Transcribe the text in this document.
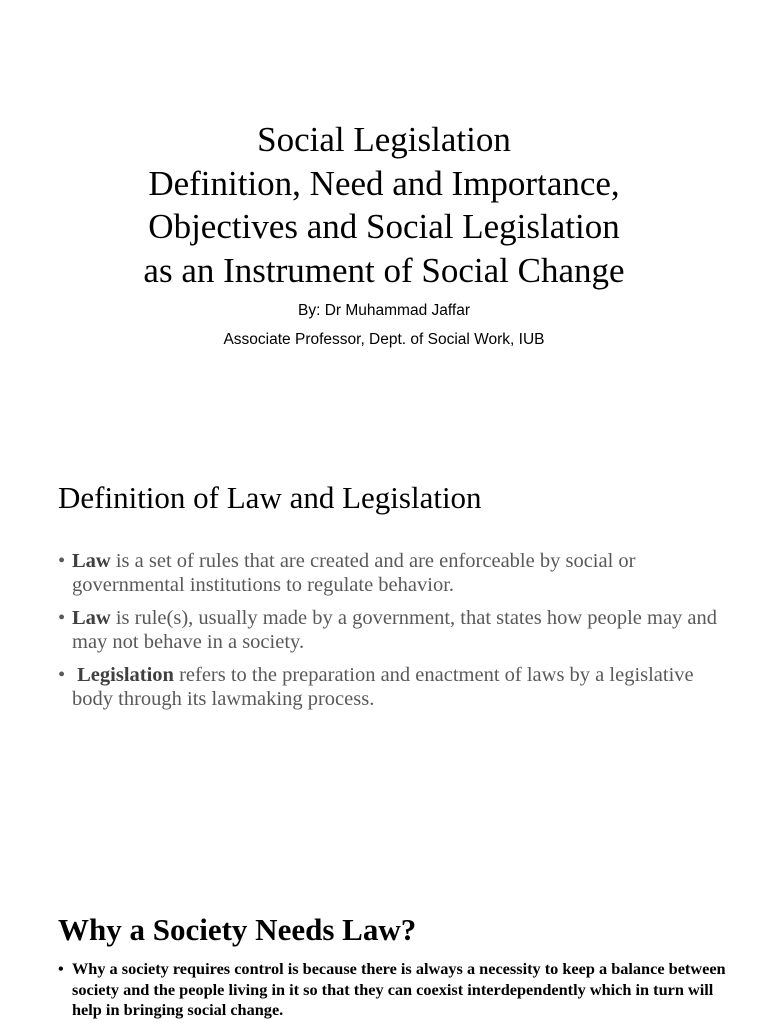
Social Legislation
Definition, Need and Importance,
Objectives and Social Legislation
as an Instrument of Social Change
By: Dr Muhammad Jaffar
Associate Professor, Dept. of Social Work, IUB
Definition of Law and Legislation
• Law is a set of rules that are created and are enforceable by social or governmental institutions to regulate behavior.
• Law is rule(s), usually made by a government, that states how people may and may not behave in a society.
• Legislation refers to the preparation and enactment of laws by a legislative body through its lawmaking process.
Why a Society Needs Law?
• Why a society requires control is because there is always a necessity to keep a balance between society and the people living in it so that they can coexist interdependently which in turn will help in bringing social change.
